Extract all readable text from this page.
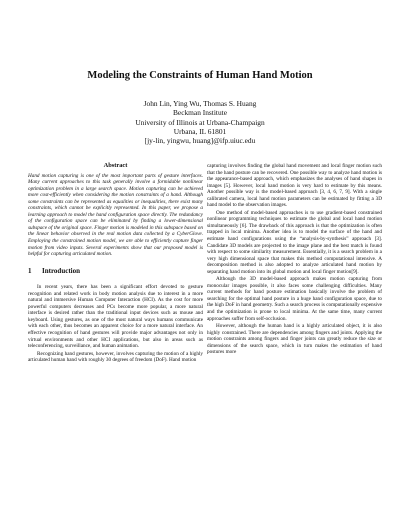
Modeling the Constraints of Human Hand Motion
John Lin, Ying Wu, Thomas S. Huang
Beckman Institute
University of Illinois at Urbana-Champaign
Urbana, IL 61801
[jy-lin, yingwu, huang]@ifp.uiuc.edu
Abstract

Hand motion capturing is one of the most important parts of gesture interfaces. Many current approaches to this task generally involve a formidable nonlinear optimization problem in a large search space. Motion capturing can be achieved more cost-efficiently when considering the motion constraints of a hand. Although some constraints can be represented as equalities or inequalities, there exist many constraints, which cannot be explicitly represented. In this paper, we propose a learning approach to model the hand configuration space directly. The redundancy of the configuration space can be eliminated by finding a lower-dimensional subspace of the original space. Finger motion is modeled in this subspace based on the linear behavior observed in the real motion data collected by a CyberGlove. Employing the constrained motion model, we are able to efficiently capture finger motion from video inputs. Several experiments show that our proposed model is helpful for capturing articulated motion.

1 Introduction

In recent years, there has been a significant effort devoted to gesture recognition and related work in body motion analysis due to interest in a more natural and immersive Human Computer Interaction (HCI). As the cost for more powerful computers decreases and PCs become more popular, a more natural interface is desired rather than the traditional input devices such as mouse and keyboard. Using gestures, as one of the most natural ways humans communicate with each other, thus becomes an apparent choice for a more natural interface. An effective recognition of hand gestures will provide major advantages not only in virtual environments and other HCI applications, but also in areas such as teleconferencing, surveillance, and human animation.

Recognizing hand gestures, however, involves capturing the motion of a highly articulated human hand with roughly 30 degrees of freedom (DoF). Hand motion

capturing involves finding the global hand movement and local finger motion such that the hand posture can be recovered. One possible way to analyze hand motion is the appearance-based approach, which emphasizes the analyses of hand shapes in images [5]. However, local hand motion is very hard to estimate by this means. Another possible way is the model-based approach [3, 4, 6, 7, 9]. With a single calibrated camera, local hand motion parameters can be estimated by fitting a 3D hand model to the observation images.

One method of model-based approaches is to use gradient-based constrained nonlinear programming techniques to estimate the global and local hand motion simultaneously [6]. The drawback of this approach is that the optimization is often trapped in local minima. Another idea is to model the surface of the hand and estimate hand configurations using the “analysis-by-synthesis” approach [3]. Candidate 3D models are projected to the image plane and the best match is found with respect to some similarity measurement. Essentially, it is a search problem in a very high dimensional space that makes this method computational intensive. A decomposition method is also adopted to analyze articulated hand motion by separating hand motion into its global motion and local finger motion[9].

Although the 3D model-based approach makes motion capturing from monocular images possible, it also faces some challenging difficulties. Many current methods for hand posture estimation basically involve the problem of searching for the optimal hand posture in a huge hand configuration space, due to the high DoF in hand geometry. Such a search process is computationally expensive and the optimization is prone to local minima. At the same time, many current approaches suffer from self-occlusion.

However, although the human hand is a highly articulated object, it is also highly constrained. There are dependencies among fingers and joints. Applying the motion constraints among fingers and finger joints can greatly reduce the size or dimensions of the search space, which in turn makes the estimation of hand postures more
